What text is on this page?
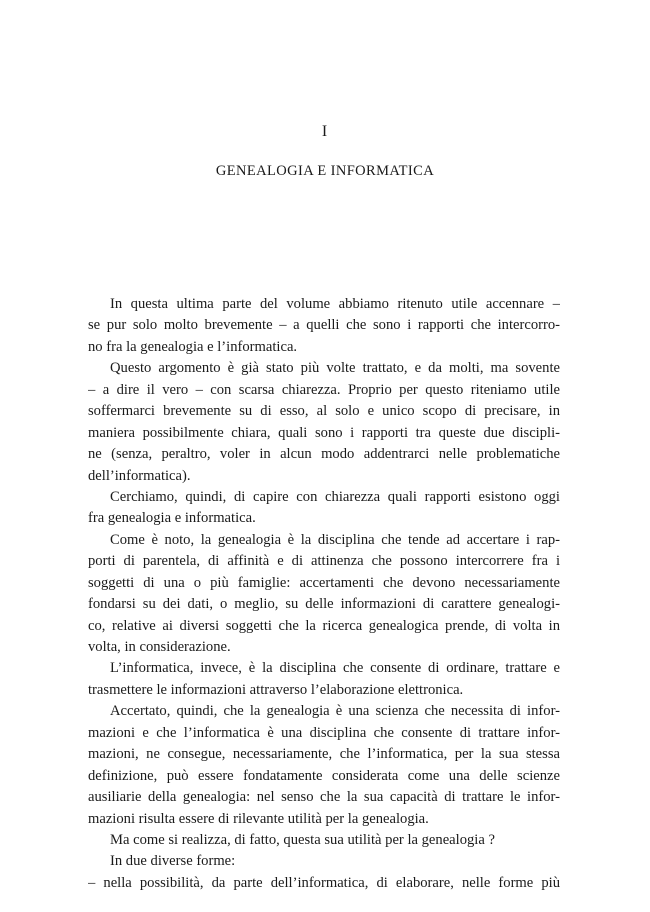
I
GENEALOGIA E INFORMATICA
In questa ultima parte del volume abbiamo ritenuto utile accennare –
se pur solo molto brevemente – a quelli che sono i rapporti che intercorro-
no fra la genealogia e l’informatica.
Questo argomento è già stato più volte trattato, e da molti, ma sovente
– a dire il vero – con scarsa chiarezza. Proprio per questo riteniamo utile
soffermarci brevemente su di esso, al solo e unico scopo di precisare, in
maniera possibilmente chiara, quali sono i rapporti tra queste due discipli-
ne (senza, peraltro, voler in alcun modo addentrarci nelle problematiche
dell’informatica).
Cerchiamo, quindi, di capire con chiarezza quali rapporti esistono oggi
fra genealogia e informatica.
Come è noto, la genealogia è la disciplina che tende ad accertare i rap-
porti di parentela, di affinità e di attinenza che possono intercorrere fra i
soggetti di una o più famiglie: accertamenti che devono necessariamente
fondarsi su dei dati, o meglio, su delle informazioni di carattere genealogi-
co, relative ai diversi soggetti che la ricerca genealogica prende, di volta in
volta, in considerazione.
L’informatica, invece, è la disciplina che consente di ordinare, trattare e
trasmettere le informazioni attraverso l’elaborazione elettronica.
Accertato, quindi, che la genealogia è una scienza che necessita di infor-
mazioni e che l’informatica è una disciplina che consente di trattare infor-
mazioni, ne consegue, necessariamente, che l’informatica, per la sua stessa
definizione, può essere fondatamente considerata come una delle scienze
ausiliarie della genealogia: nel senso che la sua capacità di trattare le infor-
mazioni risulta essere di rilevante utilità per la genealogia.
Ma come si realizza, di fatto, questa sua utilità per la genealogia ?
In due diverse forme:
– nella possibilità, da parte dell’informatica, di elaborare, nelle forme più
